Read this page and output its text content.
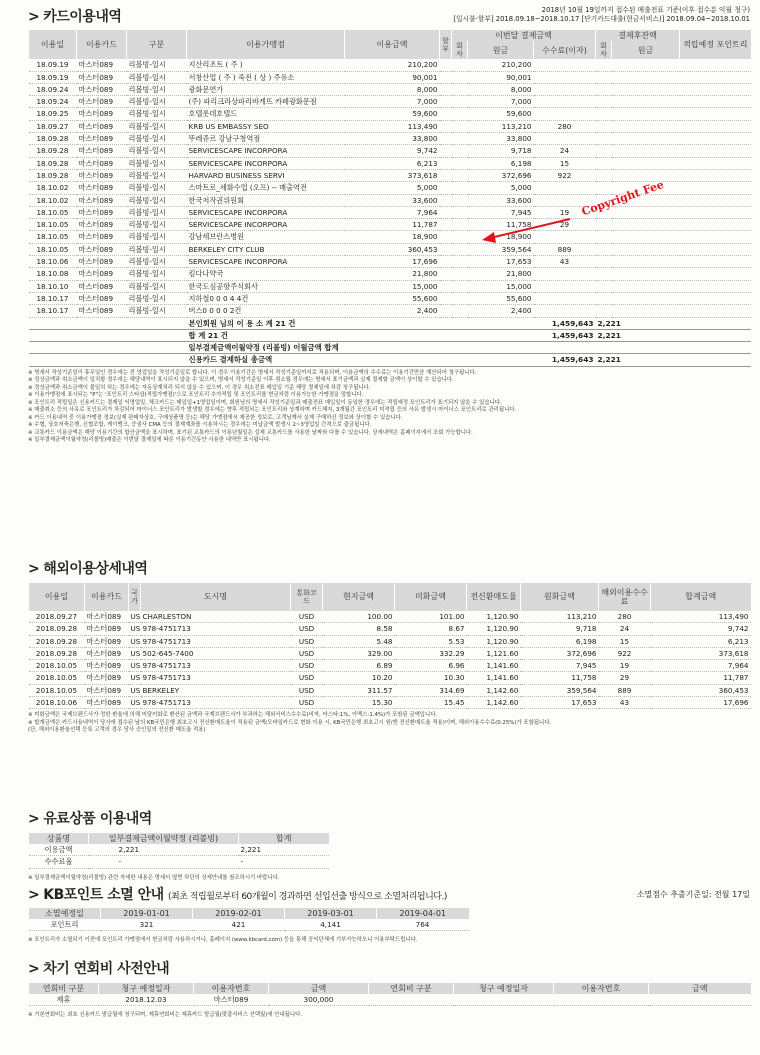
> 카드이용내역	2018년 10월 19일까지 접수된 매출전표 기준(이후 접수분 익월 청구)
[일시불·할부] 2018.09.18~2018.10.17 [단기카드대출(현금서비스)] 2018.09.04~2018.10.01
이용일	이용카드	구분	이용가맹점	이용금액	할부	이번달 결제금액			결제후잔액		적립예정 포인트리
						회차	원금	수수료(이자)	회차	원금	
18.09.19	마스터089	리볼빙-일시	지산리조트 ( 주 )	210,200			210,200				
18.09.19	마스터089	리볼빙-일시	서창산업 ( 주 ) 죽전 ( 상 ) 주유소	90,001			90,001				
18.09.24	마스터089	리볼빙-일시	광화문연가	8,000			8,000				
18.09.24	마스터089	리볼빙-일시	(주) 파리크라상파리바게뜨 카페광화문점	7,000			7,000				
18.09.25	마스터089	리볼빙-일시	호텔롯데호텔드	59,600			59,600				
18.09.27	마스터089	리볼빙-일시	KRB US EMBASSY SEO	113,490			113,210	280			
18.09.28	마스터089	리볼빙-일시	뚜레쥬르 강남구청역점	33,800			33,800				
18.09.28	마스터089	리볼빙-일시	SERVICESCAPE INCORPORA	9,742			9,718	24			
18.09.28	마스터089	리볼빙-일시	SERVICESCAPE INCORPORA	6,213			6,198	15			
18.09.28	마스터089	리볼빙-일시	HARVARD BUSINESS SERVI	373,618			372,696	922			
18.10.02	마스터089	리볼빙-일시	스마트로_세화수업 (오프) -- 매출역전	5,000			5,000				
18.10.02	마스터089	리볼빙-일시	한국저작권위원회	33,600			33,600				
18.10.05	마스터089	리볼빙-일시	SERVICESCAPE INCORPORA	7,964			7,945	19			
18.10.05	마스터089	리볼빙-일시	SERVICESCAPE INCORPORA	11,787			11,758	29			
18.10.05	마스터089	리볼빙-일시	강남세브란스병원	18,900			18,900				
18.10.05	마스터089	리볼빙-일시	BERKELEY CITY CLUB	360,453			359,564	889			
18.10.06	마스터089	리볼빙-일시	SERVICESCAPE INCORPORA	17,696			17,653	43			
18.10.08	마스터089	리볼빙-일시	킴다나약국	21,800			21,800				
18.10.10	마스터089	리볼빙-일시	한국도심공항주식회사	15,000			15,000				
18.10.17	마스터089	리볼빙-일시	지하철0 0 0 4 4건	55,600			55,600				
18.10.17	마스터089	리볼빙-일시	버스0 0 0 0 2건	2,400			2,400				
			본인회원 님의 이 용 소 계 21 건					1,459,643	2,221		
			합 계 21 건					1,459,643	2,221		
			일부결제금액이월약정 (리볼빙) 이월금액 합계								
			신용카드 결제하실 총금액					1,459,643	2,221		
※ 명세서 작성기준일이 휴무일인 경우에는 전 영업일을 작성기준일로 합니다. 이 경우 이용기간은 명세서 작성기준일까지로 적용되며, 이용금액의 수수료는 이용기간만큼 계산되어 청구됩니다.
※ 정상금액과 취소금액이 일치할 경우에는 해당내역이 표시되지 않을 수 있으며, 명세서 작성기준일 이후 취소될 경우에는 명세서 표기금액과 실제 결제할 금액이 상이할 수 있습니다.
※ 정상금액과 취소금액이 불일치 하는 경우에는 자동상계처리 되지 않을 수 있으며, 이 경우 취소전표 매입일 기준 해당 결제일에 차감 청구됩니다.
※ 이용가맹점에 표시되는 "P"는 '포인트리 스타샵(적립가맹점)'으로 포인트리 추가적립 및 포인트리를 현금처럼 이용가능한 가맹점을 말합니다.
※ 포인트리 적립일은 신용카드는 결제일 익영업일, 체크카드는 매입일+1영업일이며, 회원님의 명세서 작성기준일과 매출전표 매입일이 동일한 경우에는 적립예정 포인트리가 표기되지 않을 수 있습니다.
※ 매출취소 등의 사유로 포인트리가 차감되어 마이너스 포인트리가 발생할 경우에는 향후 적립되는 포인트리와 상계하며 카드해지, 3개월간 포인트리 미적립 등의 사유 발생시 마이너스 포인트리로 관리됩니다.
※ 카드 이용내역 중 이용가맹점 정보(실제 판매자상호, 구매상품명 등)는 해당 가맹점에서 제공한 정보로, 고객님께서 실제 구매하신 정보와 상이할 수 있습니다.
※ 수협, 상호저축은행, 신협조합, 케이뱅크, 증권사 CMA 등의 결제계좌를 이용하시는 경우에는 미납금액 발생시 2~3영업일 간격으로 출금됩니다.
※ 교통카드 이용금액은 해당 이용기간의 합산금액을 표시하며, 표기된 교통카드의 이용년월일은 실제 교통카드를 사용한 날짜와 다를 수 있습니다. 상세내역은 홈페이지에서 조회 가능합니다.
※ 일부결제금액이월약정(리볼빙)매출은 이번달 결제일에 따른 이용기간동안 사용한 내역만 표시됩니다.
Copyright Fee
> 해외이용상세내역
이용일	이용카드	국가	도시명	통화코드	현지금액	미화금액	전신환매도율	원화금액	해외이용수수료	합계금액
2018.09.27	마스터089	US	CHARLESTON	USD	100.00	101.00	1,120.90	113,210	280	113,490
2018.09.28	마스터089	US	978-4751713	USD	8.58	8.67	1,120.90	9,718	24	9,742
2018.09.28	마스터089	US	978-4751713	USD	5.48	5.53	1,120.90	6,198	15	6,213
2018.09.28	마스터089	US	502-645-7400	USD	329.00	332.29	1,121.60	372,696	922	373,618
2018.10.05	마스터089	US	978-4751713	USD	6.89	6.96	1,141.60	7,945	19	7,964
2018.10.05	마스터089	US	978-4751713	USD	10.20	10.30	1,141.60	11,758	29	11,787
2018.10.05	마스터089	US	BERKELEY	USD	311.57	314.69	1,142.60	359,564	889	360,453
2018.10.06	마스터089	US	978-4751713	USD	15.30	15.45	1,142.60	17,653	43	17,696
※ 미화금액은 국제브랜드사가 정한 환율에 의해 미달러화로 환산된 금액과 국제브랜드사가 부과하는 해외서비스수수료(비자, 마스타:1%, 아멕스:1.4%)가 포함된 금액입니다.
※ 합계금액은 카드사용내역이 당사에 접수된 날의 KB국민은행 최초고시 전신환매도율이 적용된 금액(모바일카드로 변화 이용 시, KB국민은행 최초고시 원/엔 전신환매도율 적용)이며, 해외이용수수료(0.25%)가 포함됩니다.
(단, 해외이용환율선택 등록 고객의 경우 당사 승인일의 전신환 매도율 적용)
> 유료상품 이용내역
상품명	일부결제금액이월약정 (리볼빙)	합계
이용금액	2,221	2,221
수수료율	-	-
※ 일부결제금액이월약정(리볼빙) 관련 자세한 내용은 명세서 옆면 하단의 상세안내를 참조하시기 바랍니다.
> KB포인트 소멸 안내 (최초 적립월로부터 60개월이 경과하면 선입선출 방식으로 소멸처리됩니다.)	소멸점수 추출기준일: 전월 17일
소멸예정일	2019-01-01	2019-02-01	2019-03-01	2019-04-01
포인트리	321	421	4,141	764
※ 포인트리가 소멸되기 이전에 포인트리 가맹점에서 현금처럼 사용하시거나, 홈페이지 (www.kbcard.com) 등을 통해 공익단체에 기부가능하오니 이용부탁드립니다.
> 차기 연회비 사전안내
연회비 구분	청구 예정일자	이용자번호	금액	연회비 구분	청구 예정일자	이용자번호	금액
제휴	2018.12.03	마스터089	300,000				
※ 기본연회비는 최초 신용카드 발급월에 청구되며, 제휴연회비는 제휴카드 발급월(맞춤서비스 선택월)에 안내됩니다.
